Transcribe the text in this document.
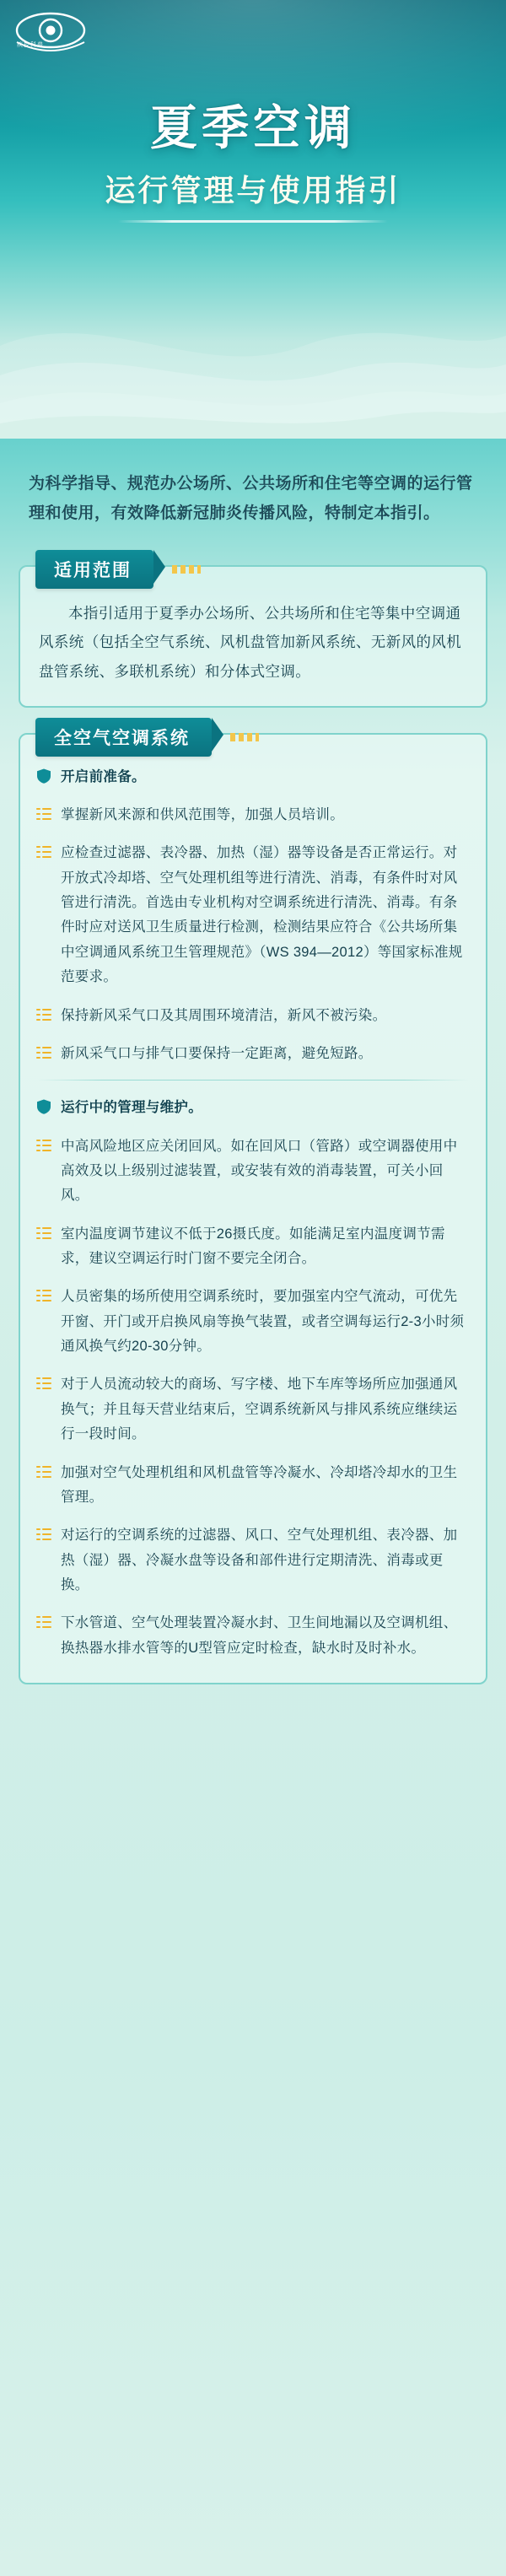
疾控科普
夏季空调
运行管理与使用指引
为科学指导、规范办公场所、公共场所和住宅等空调的运行管理和使用，有效降低新冠肺炎传播风险，特制定本指引。
适用范围
本指引适用于夏季办公场所、公共场所和住宅等集中空调通风系统（包括全空气系统、风机盘管加新风系统、无新风的风机盘管系统、多联机系统）和分体式空调。
全空气空调系统
开启前准备。
掌握新风来源和供风范围等，加强人员培训。
应检查过滤器、表冷器、加热（湿）器等设备是否正常运行。对开放式冷却塔、空气处理机组等进行清洗、消毒，有条件时对风管进行清洗。首选由专业机构对空调系统进行清洗、消毒。有条件时应对送风卫生质量进行检测，检测结果应符合《公共场所集中空调通风系统卫生管理规范》（WS 394—2012）等国家标准规范要求。
保持新风采气口及其周围环境清洁，新风不被污染。
新风采气口与排气口要保持一定距离，避免短路。
运行中的管理与维护。
中高风险地区应关闭回风。如在回风口（管路）或空调器使用中高效及以上级别过滤装置，或安装有效的消毒装置，可关小回风。
室内温度调节建议不低于26摄氏度。如能满足室内温度调节需求，建议空调运行时门窗不要完全闭合。
人员密集的场所使用空调系统时，要加强室内空气流动，可优先开窗、开门或开启换风扇等换气装置，或者空调每运行2-3小时须通风换气约20-30分钟。
对于人员流动较大的商场、写字楼、地下车库等场所应加强通风换气；并且每天营业结束后，空调系统新风与排风系统应继续运行一段时间。
加强对空气处理机组和风机盘管等冷凝水、冷却塔冷却水的卫生管理。
对运行的空调系统的过滤器、风口、空气处理机组、表冷器、加热（湿）器、冷凝水盘等设备和部件进行定期清洗、消毒或更换。
下水管道、空气处理装置冷凝水封、卫生间地漏以及空调机组、换热器水排水管等的U型管应定时检查，缺水时及时补水。
